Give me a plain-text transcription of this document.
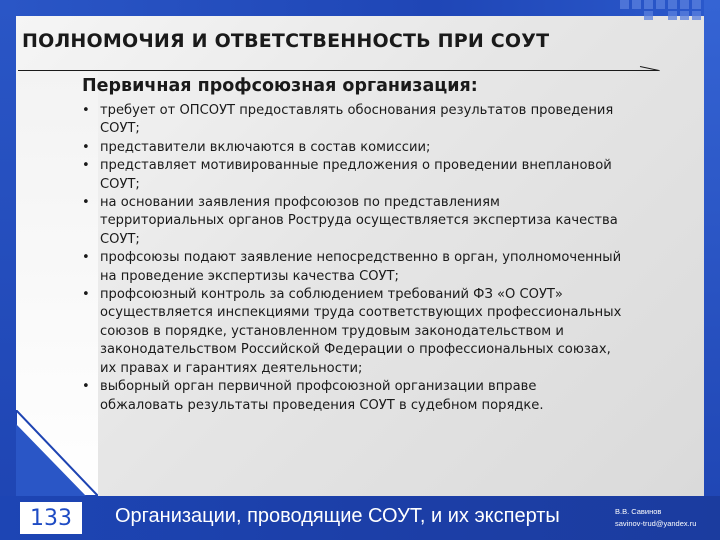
ПОЛНОМОЧИЯ И ОТВЕТСТВЕННОСТЬ ПРИ СОУТ
Первичная профсоюзная организация:
• требует от ОПСОУТ предоставлять обоснования результатов проведения
СОУТ;
• представители включаются в состав комиссии;
• представляет мотивированные предложения о проведении внеплановой
СОУТ;
• на основании заявления профсоюзов по представлениям
территориальных органов Роструда осуществляется экспертиза качества
СОУТ;
• профсоюзы подают заявление непосредственно в орган, уполномоченный
на проведение экспертизы качества СОУТ;
• профсоюзный контроль за соблюдением требований ФЗ «О СОУТ»
осуществляется инспекциями труда соответствующих профессиональных
союзов в порядке, установленном трудовым законодательством и
законодательством Российской Федерации о профессиональных союзах,
их правах и гарантиях деятельности;
• выборный орган первичной профсоюзной организации вправе
обжаловать результаты проведения СОУТ в судебном порядке.
133	Организации, проводящие СОУТ, и их эксперты	В.В. Савинов
savinov-trud@yandex.ru
